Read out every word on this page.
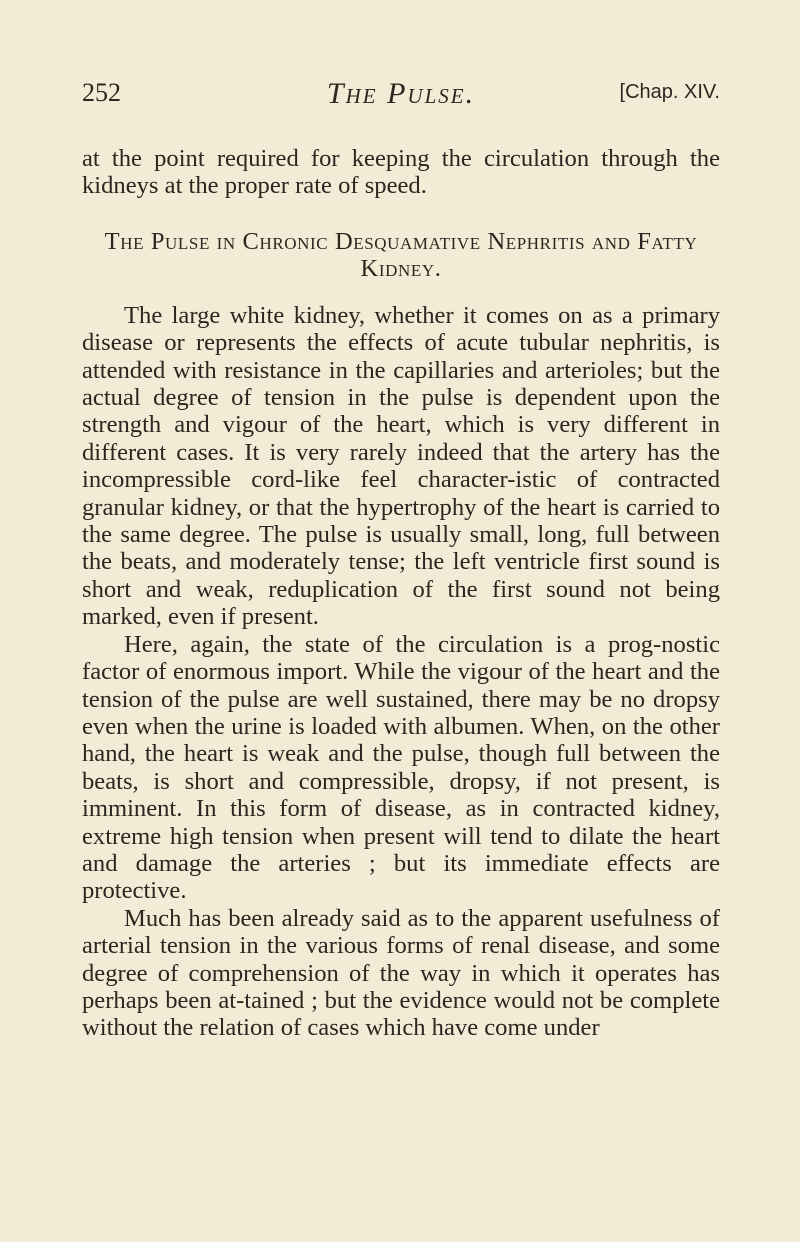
252	The Pulse.	[Chap. XIV.

at the point required for keeping the circulation through the kidneys at the proper rate of speed.

The Pulse in Chronic Desquamative Nephritis and Fatty Kidney.

The large white kidney, whether it comes on as a primary disease or represents the effects of acute tubular nephritis, is attended with resistance in the capillaries and arterioles; but the actual degree of tension in the pulse is dependent upon the strength and vigour of the heart, which is very different in different cases. It is very rarely indeed that the artery has the incompressible cord-like feel character-istic of contracted granular kidney, or that the hypertrophy of the heart is carried to the same degree. The pulse is usually small, long, full between the beats, and moderately tense; the left ventricle first sound is short and weak, reduplication of the first sound not being marked, even if present.

Here, again, the state of the circulation is a prog-nostic factor of enormous import. While the vigour of the heart and the tension of the pulse are well sustained, there may be no dropsy even when the urine is loaded with albumen. When, on the other hand, the heart is weak and the pulse, though full between the beats, is short and compressible, dropsy, if not present, is imminent. In this form of disease, as in contracted kidney, extreme high tension when present will tend to dilate the heart and damage the arteries ; but its immediate effects are protective.

Much has been already said as to the apparent usefulness of arterial tension in the various forms of renal disease, and some degree of comprehension of the way in which it operates has perhaps been at-tained ; but the evidence would not be complete without the relation of cases which have come under
